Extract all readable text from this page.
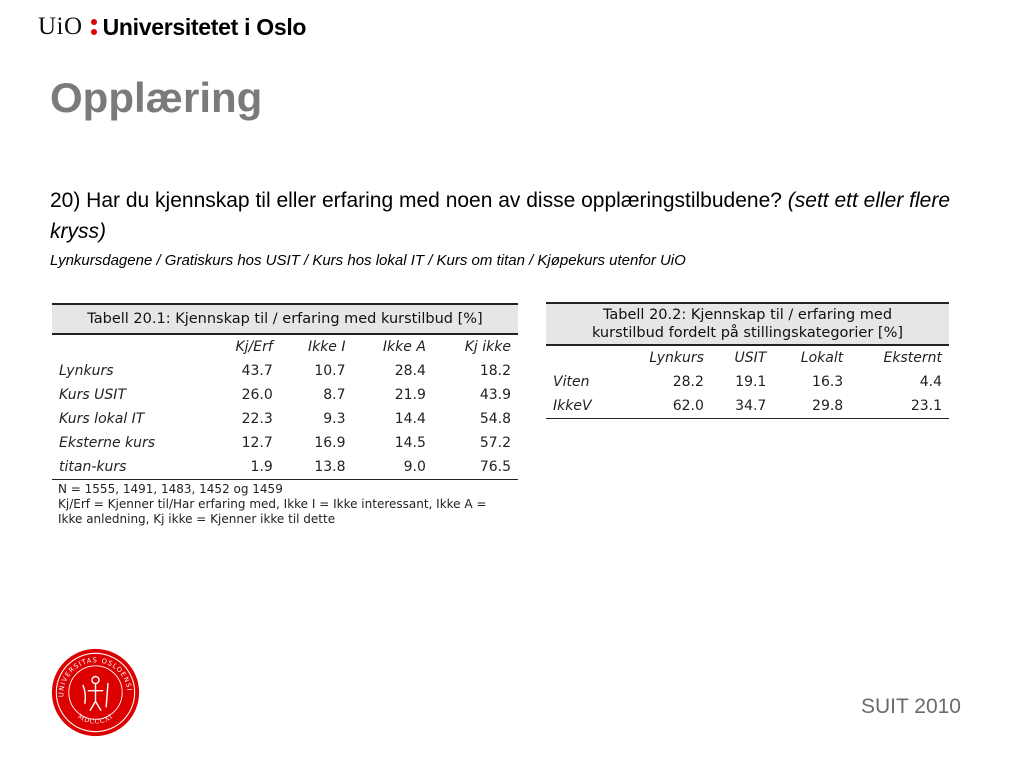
UiO Universitetet i Oslo
Opplæring
20) Har du kjennskap til eller erfaring med noen av disse opplæringstilbudene? (sett ett eller flere kryss)
Lynkursdagene / Gratiskurs hos USIT / Kurs hos lokal IT / Kurs om titan / Kjøpekurs utenfor UiO
Tabell 20.1: Kjennskap til / erfaring med kurstilbud [%]				
	Kj/Erf	Ikke I	Ikke A	Kj ikke
Lynkurs	43.7	10.7	28.4	18.2
Kurs USIT	26.0	8.7	21.9	43.9
Kurs lokal IT	22.3	9.3	14.4	54.8
Eksterne kurs	12.7	16.9	14.5	57.2
titan-kurs	1.9	13.8	9.0	76.5

N = 1555, 1491, 1483, 1452 og 1459
Kj/Erf = Kjenner til/Har erfaring med, Ikke I = Ikke interessant, Ikke A = Ikke anledning, Kj ikke = Kjenner ikke til dette				
Tabell 20.2: Kjennskap til / erfaring med
kurstilbud fordelt på stillingskategorier [%]				

	Lynkurs	USIT	Lokalt	Eksternt
Viten	28.2	19.1	16.3	4.4
IkkeV	62.0	34.7	29.8	23.1
UNIVERSITAS OSLOENSI
MDCCCXI	SUIT 2010
